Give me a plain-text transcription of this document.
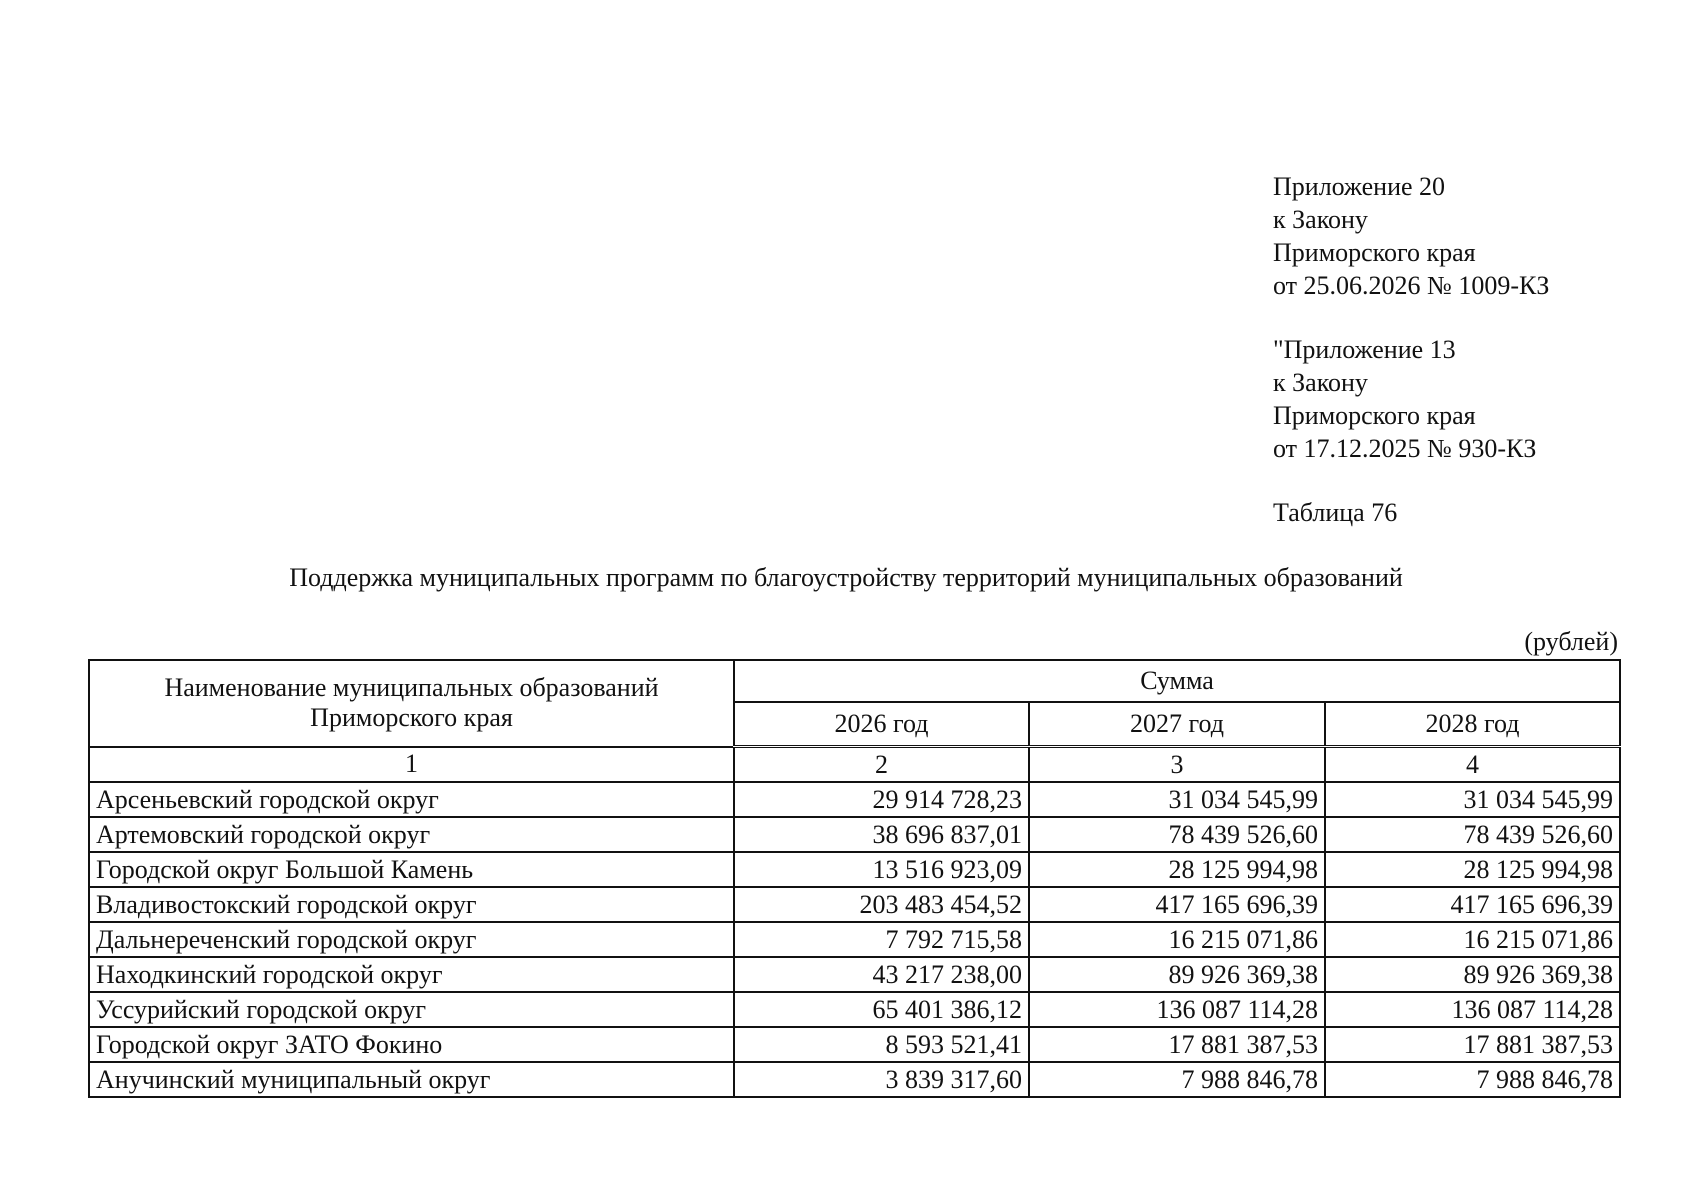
Приложение 20
к Закону
Приморского края
от 25.06.2026 № 1009-КЗ
"Приложение 13
к Закону
Приморского края
от 17.12.2025 № 930-КЗ
Таблица 76
Поддержка муниципальных программ по благоустройству территорий муниципальных образований
(рублей)
Наименование муниципальных образований Приморского края	Сумма		
	2026 год	2027 год	2028 год
1	2	3	4
Арсеньевский городской округ	29 914 728,23	31 034 545,99	31 034 545,99
Артемовский городской округ	38 696 837,01	78 439 526,60	78 439 526,60
Городской округ Большой Камень	13 516 923,09	28 125 994,98	28 125 994,98
Владивостокский городской округ	203 483 454,52	417 165 696,39	417 165 696,39
Дальнереченский городской округ	7 792 715,58	16 215 071,86	16 215 071,86
Находкинский городской округ	43 217 238,00	89 926 369,38	89 926 369,38
Уссурийский городской округ	65 401 386,12	136 087 114,28	136 087 114,28
Городской округ ЗАТО Фокино	8 593 521,41	17 881 387,53	17 881 387,53
Анучинский муниципальный округ	3 839 317,60	7 988 846,78	7 988 846,78
